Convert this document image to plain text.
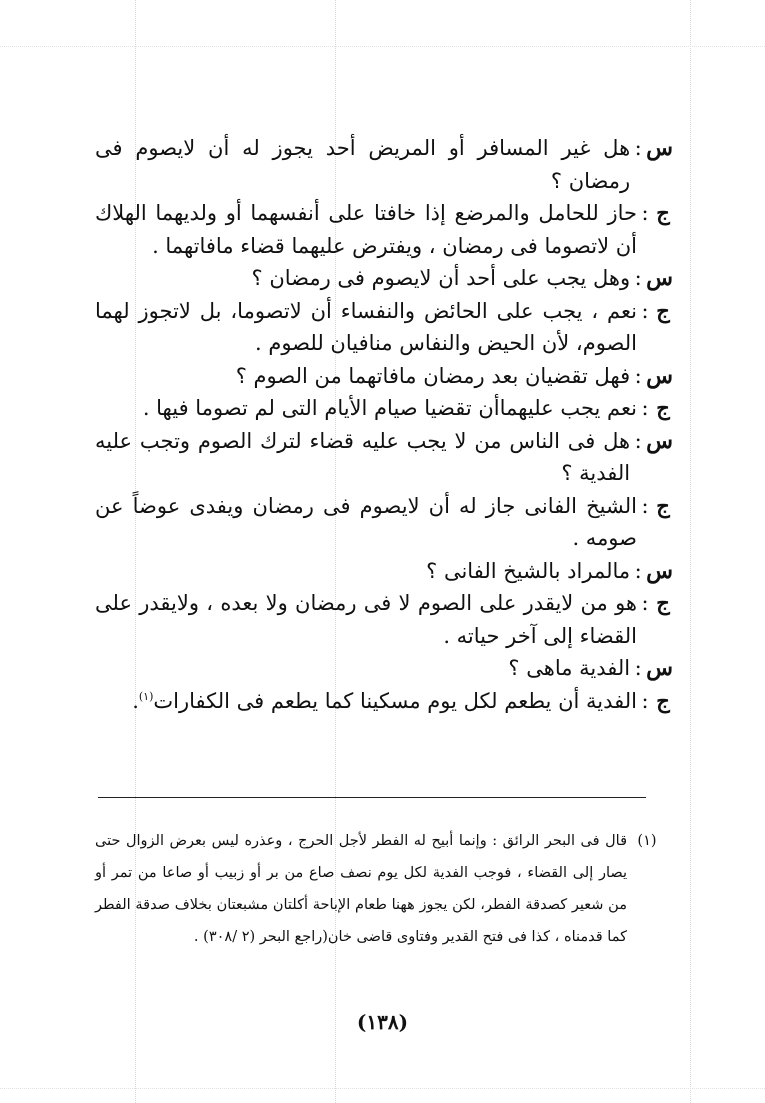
س
:
هل غير المسافر أو المريض أحد يجوز له أن لايصوم فى رمضان ؟
ج
:
حاز للحامل والمرضع إذا خافتا على أنفسهما أو ولديهما الهلاك أن لاتصوما فى رمضان ، ويفترض عليهما قضاء مافاتهما .
س
:
وهل يجب على أحد أن لايصوم فى رمضان ؟
ج
:
نعم ، يجب على الحائض والنفساء أن لاتصوما، بل لاتجوز لهما الصوم، لأن الحيض والنفاس منافيان للصوم .
س
:
فهل تقضيان بعد رمضان مافاتهما من الصوم ؟
ج
:
نعم يجب عليهماأن تقضيا صيام الأيام التى لم تصوما فيها .
س
:
هل فى الناس من لا يجب عليه قضاء لترك الصوم وتجب عليه الفدية ؟
ج
:
الشيخ الفانى جاز له أن لايصوم فى رمضان ويفدى عوضاً عن صومه .
س
:
مالمراد بالشيخ الفانى ؟
ج
:
هو من لايقدر على الصوم لا فى رمضان ولا بعده ، ولايقدر على القضاء إلى آخر حياته .
س
:
الفدية ماهى ؟
ج
:
الفدية أن يطعم لكل يوم مسكينا كما يطعم فى الكفارات$^{(١)}$.
(١)
قال فى البحر الرائق : وإنما أبيح له الفطر لأجل الحرج ، وعذره ليس بعرض الزوال حتى يصار إلى القضاء ، فوجب الفدية لكل يوم نصف صاع من بر أو زبيب أو صاعا من تمر أو من شعير كصدقة الفطر، لكن يجوز ههنا طعام الإباحة أكلتان مشبعتان بخلاف صدقة الفطر كما قدمناه ، كذا فى فتح القدير وفتاوى قاضى خان(راجع البحر (٢ /٣٠٨) .
(١٣٨)
